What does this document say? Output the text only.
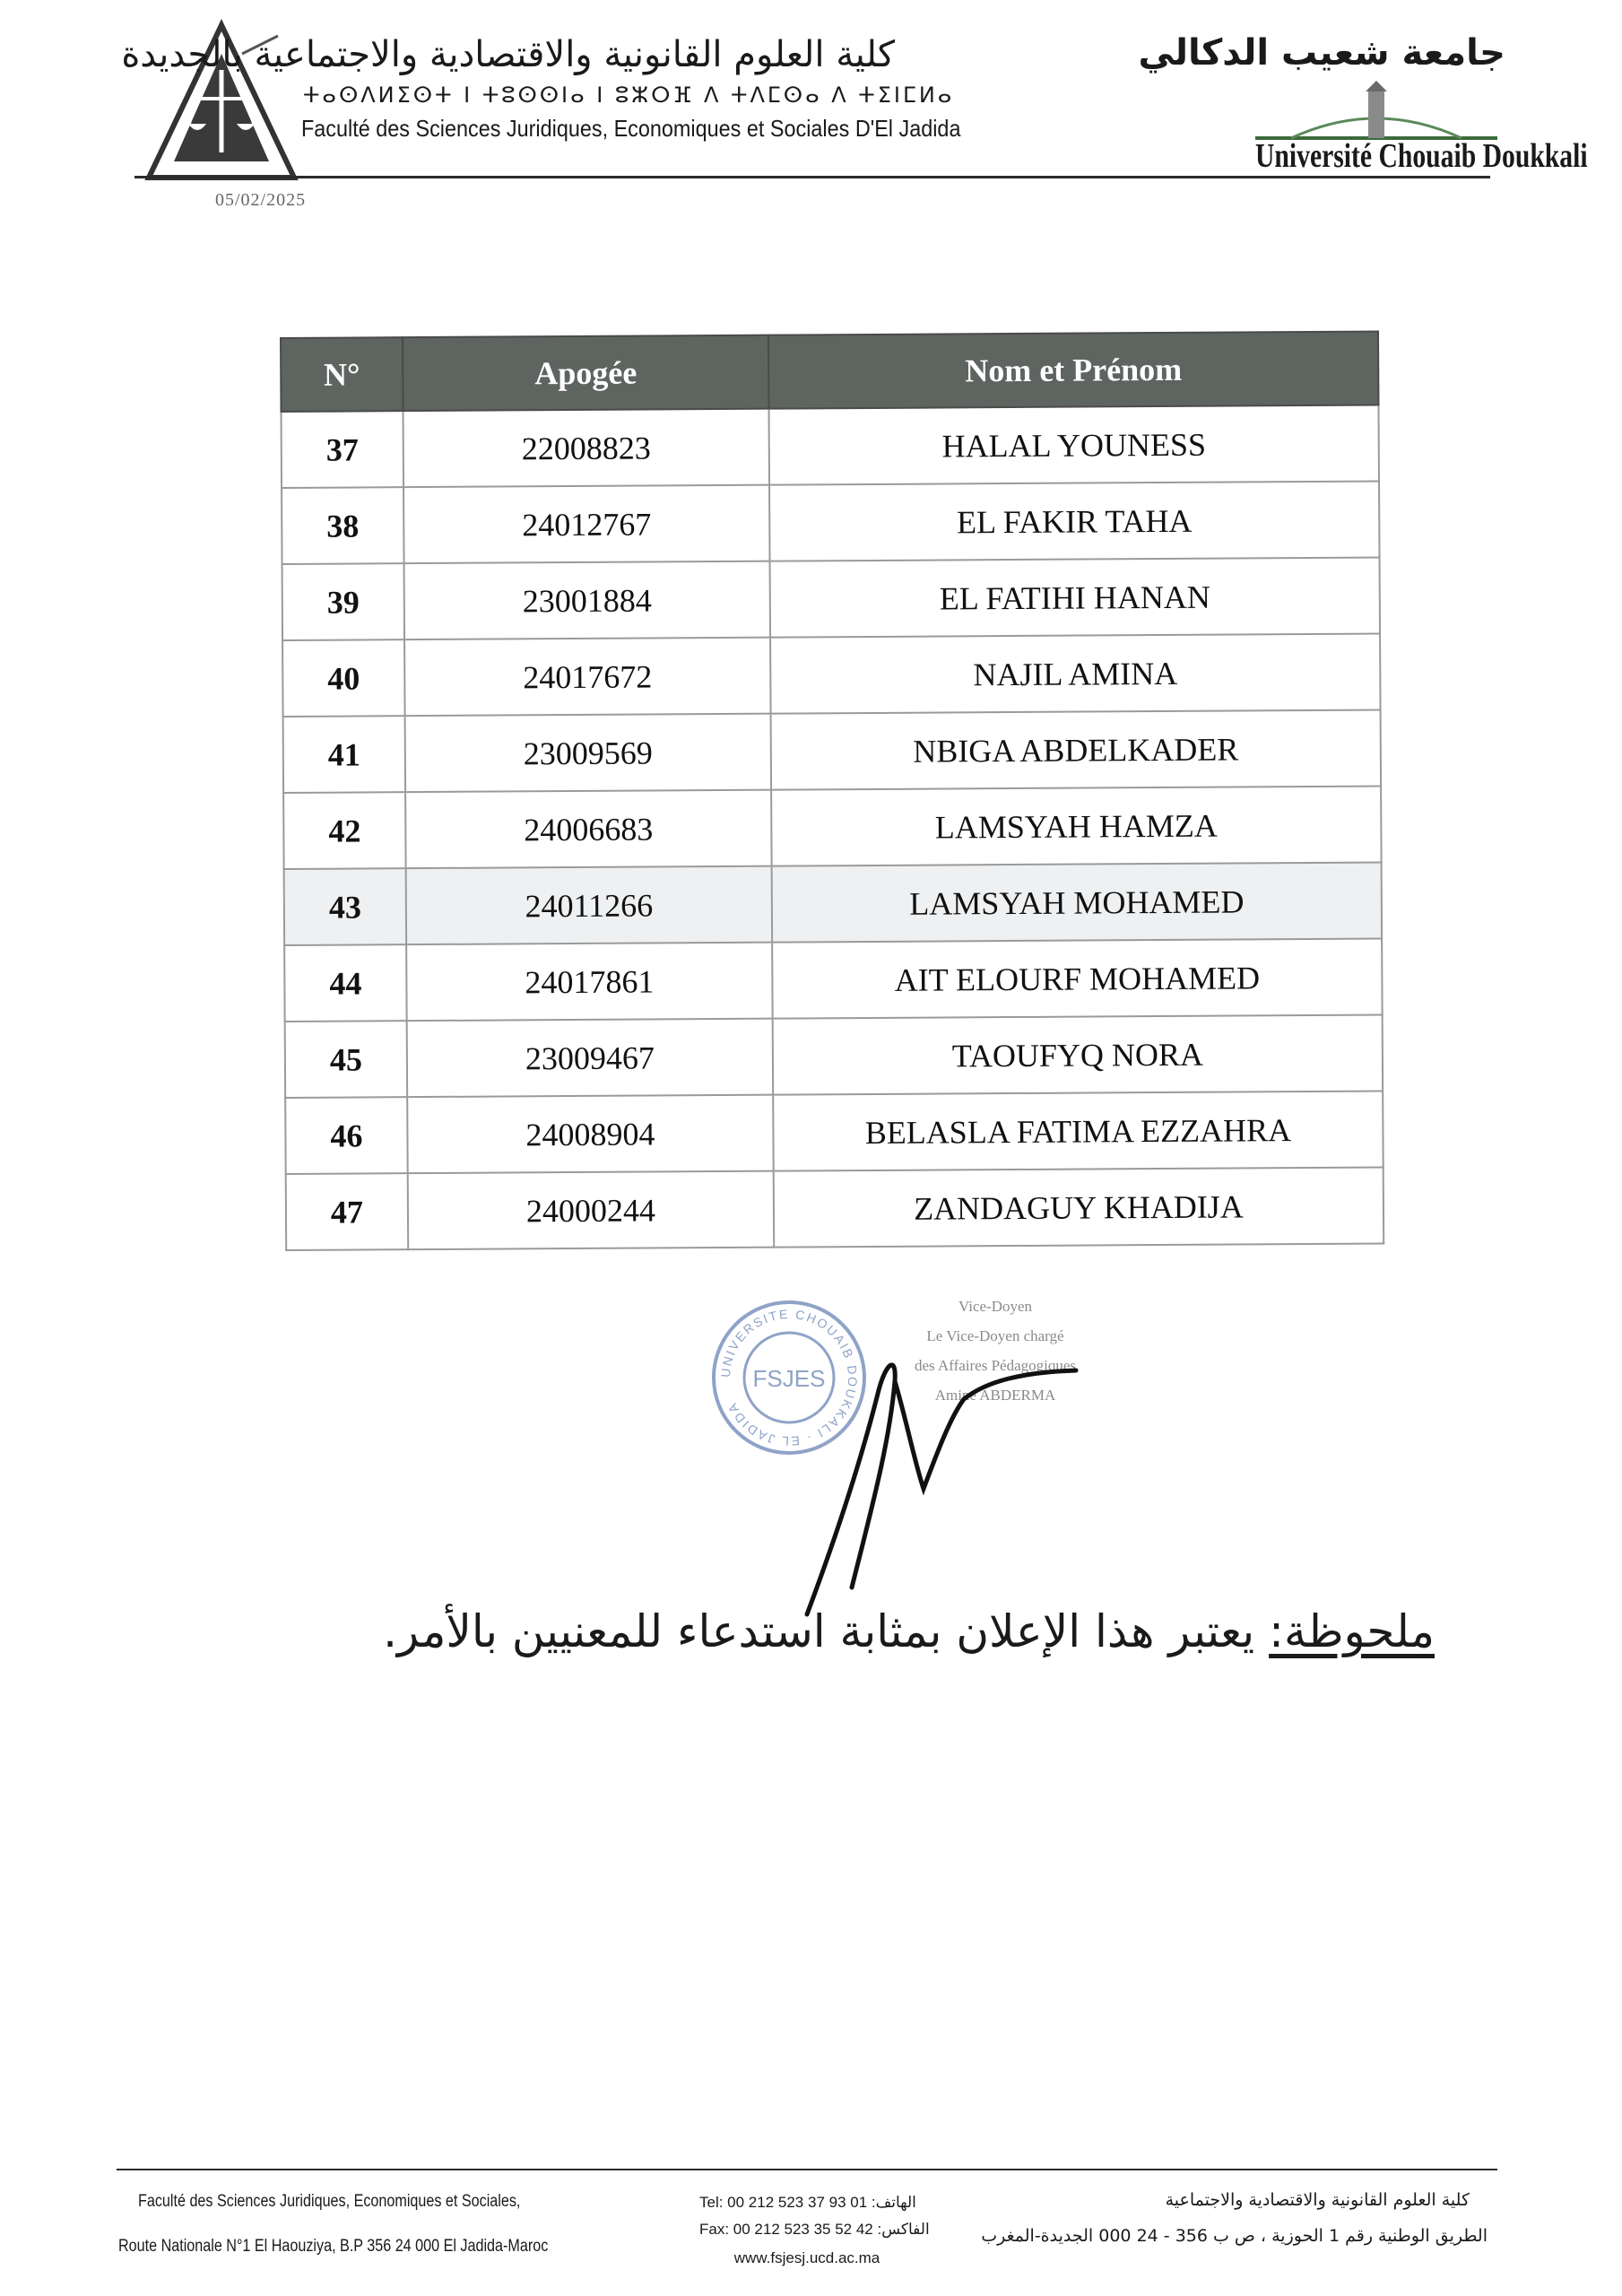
كلية العلوم القانونية والاقتصادية والاجتماعية بالجديدة
ⵜⴰⵙⴷⵍⵉⵙⵜ ⵏ ⵜⵓⵙⵙⵏⴰ ⵏ ⵓⵣⵔⴼ ⴷ ⵜⴷⵎⵙⴰ ⴷ ⵜⵉⵏⵎⵍⴰ
Faculté des Sciences Juridiques, Economiques et Sociales D'El Jadida
جامعة شعيب الدكالي
Université Chouaib Doukkali
05/02/2025
N°	Apogée	Nom et Prénom
37	22008823	HALAL YOUNESS
38	24012767	EL FAKIR TAHA
39	23001884	EL FATIHI HANAN
40	24017672	NAJIL AMINA
41	23009569	NBIGA ABDELKADER
42	24006683	LAMSYAH HAMZA
43	24011266	LAMSYAH MOHAMED
44	24017861	AIT ELOURF MOHAMED
45	23009467	TAOUFYQ NORA
46	24008904	BELASLA FATIMA EZZAHRA
47	24000244	ZANDAGUY KHADIJA
UNIVERSITE CHOUAIB DOUKKALI · EL JADIDA
FSJES
Vice-Doyen
Le Vice-Doyen chargé
des Affaires Pédagogiques
Amine ABDERMA
ملحوظة: يعتبر هذا الإعلان بمثابة استدعاء للمعنيين بالأمر.
Faculté des Sciences Juridiques, Economiques et Sociales,
Route Nationale N°1 El Haouziya, B.P 356 24 000 El Jadida-Maroc
Tel: 00 212 523 37 93 01 :الهاتف
Fax: 00 212 523 35 52 42 :الفاكس
www.fsjesj.ucd.ac.ma
كلية العلوم القانونية والاقتصادية والاجتماعية
الطريق الوطنية رقم 1 الحوزية ، ص ب 356 - 24 000 الجديدة-المغرب
